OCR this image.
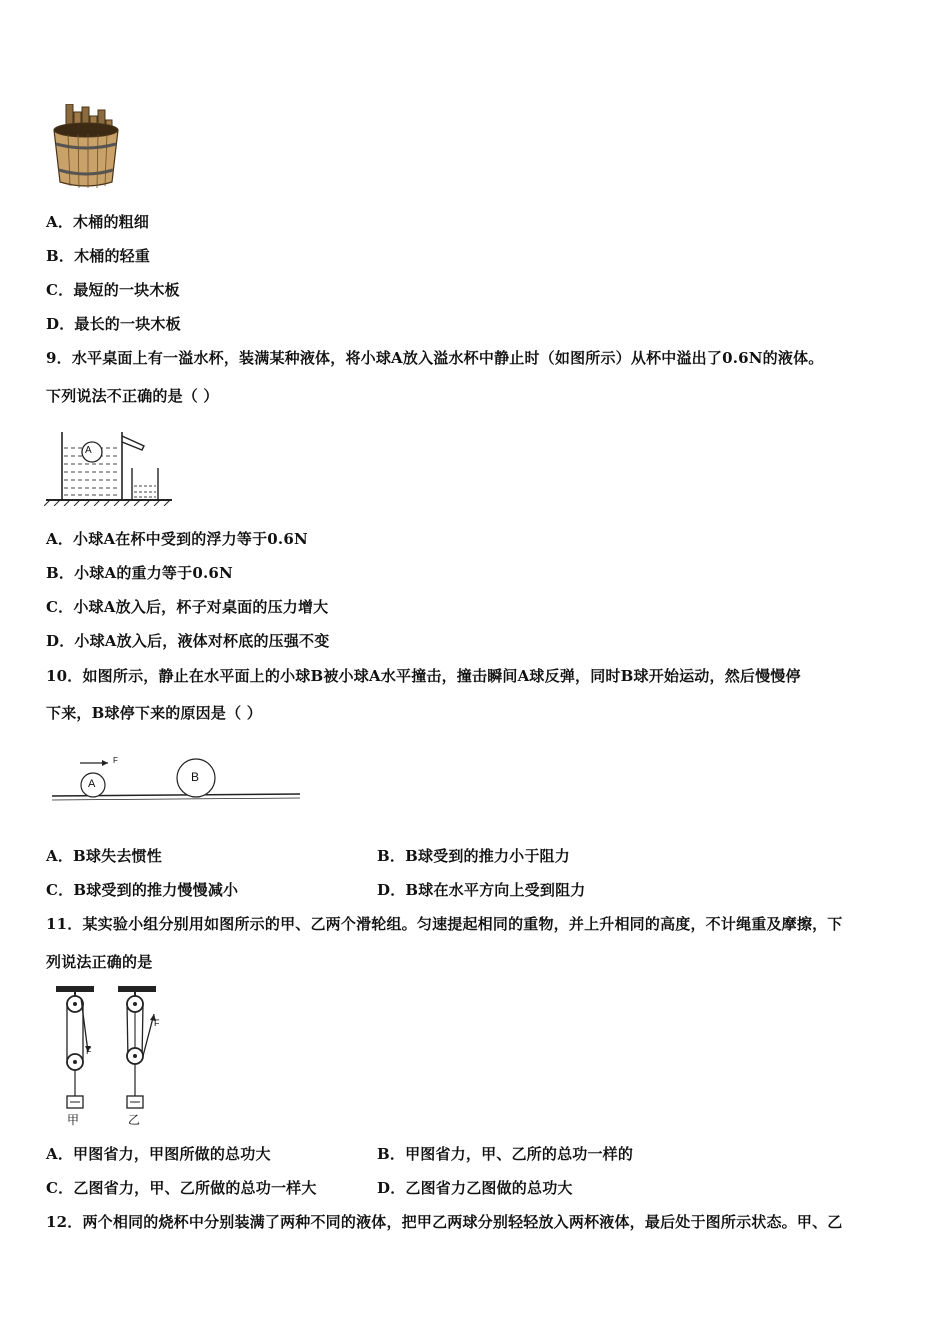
A．木桶的粗细
B．木桶的轻重
C．最短的一块木板
D．最长的一块木板
9．水平桌面上有一溢水杯，装满某种液体，将小球A放入溢水杯中静止时（如图所示）从杯中溢出了0.6N的液体。
下列说法不正确的是（ ）
A
A．小球A在杯中受到的浮力等于0.6N
B．小球A的重力等于0.6N
C．小球A放入后，杯子对桌面的压力增大
D．小球A放入后，液体对杯底的压强不变
10．如图所示，静止在水平面上的小球B被小球A水平撞击，撞击瞬间A球反弹，同时B球开始运动，然后慢慢停
下来，B球停下来的原因是（ ）
A	B
F
A．B球失去惯性	B．B球受到的推力小于阻力
C．B球受到的推力慢慢减小	D．B球在水平方向上受到阻力
11．某实验小组分别用如图所示的甲、乙两个滑轮组。匀速提起相同的重物，并上升相同的高度，不计绳重及摩擦，下
列说法正确的是
F
F
甲	乙
A．甲图省力，甲图所做的总功大	B．甲图省力，甲、乙所的总功一样的
C．乙图省力，甲、乙所做的总功一样大	D．乙图省力乙图做的总功大
12．两个相同的烧杯中分别装满了两种不同的液体，把甲乙两球分别轻轻放入两杯液体，最后处于图所示状态。甲、乙
